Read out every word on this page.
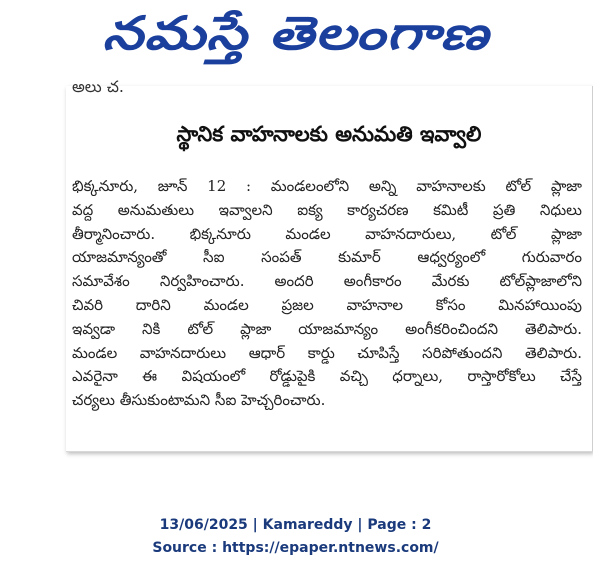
నమస్తే తెలంగాణ
అలు చ.
స్థానిక వాహనాలకు అనుమతి ఇవ్వాలి
భిక్కనూరు, జూన్ 12 : మండలంలోని అన్ని వాహనాలకు టోల్ ప్లాజా
వద్ద అనుమతులు ఇవ్వాలని ఐక్య కార్యచరణ కమిటీ ప్రతి నిధులు
తీర్మానించారు. భిక్కనూరు మండల వాహనదారులు, టోల్ ప్లాజా
యాజమాన్యంతో సీఐ సంపత్ కుమార్ ఆధ్వర్యంలో గురువారం
సమావేశం నిర్వహించారు. అందరి అంగీకారం మేరకు టోల్‌ప్లాజాలోని
చివరి దారిని మండల ప్రజల వాహనాల కోసం మినహాయింపు
ఇవ్వడా నికి టోల్ ప్లాజా యాజమాన్యం అంగీకరించిందని తెలిపారు.
మండల వాహనదారులు ఆధార్ కార్డు చూపిస్తే సరిపోతుందని తెలిపారు.
ఎవరైనా ఈ విషయంలో రోడ్డుపైకి వచ్చి ధర్నాలు, రాస్తారోకోలు చేస్తే
చర్యలు తీసుకుంటామని సీఐ హెచ్చరించారు.
13/06/2025 | Kamareddy | Page : 2
Source : https://epaper.ntnews.com/
